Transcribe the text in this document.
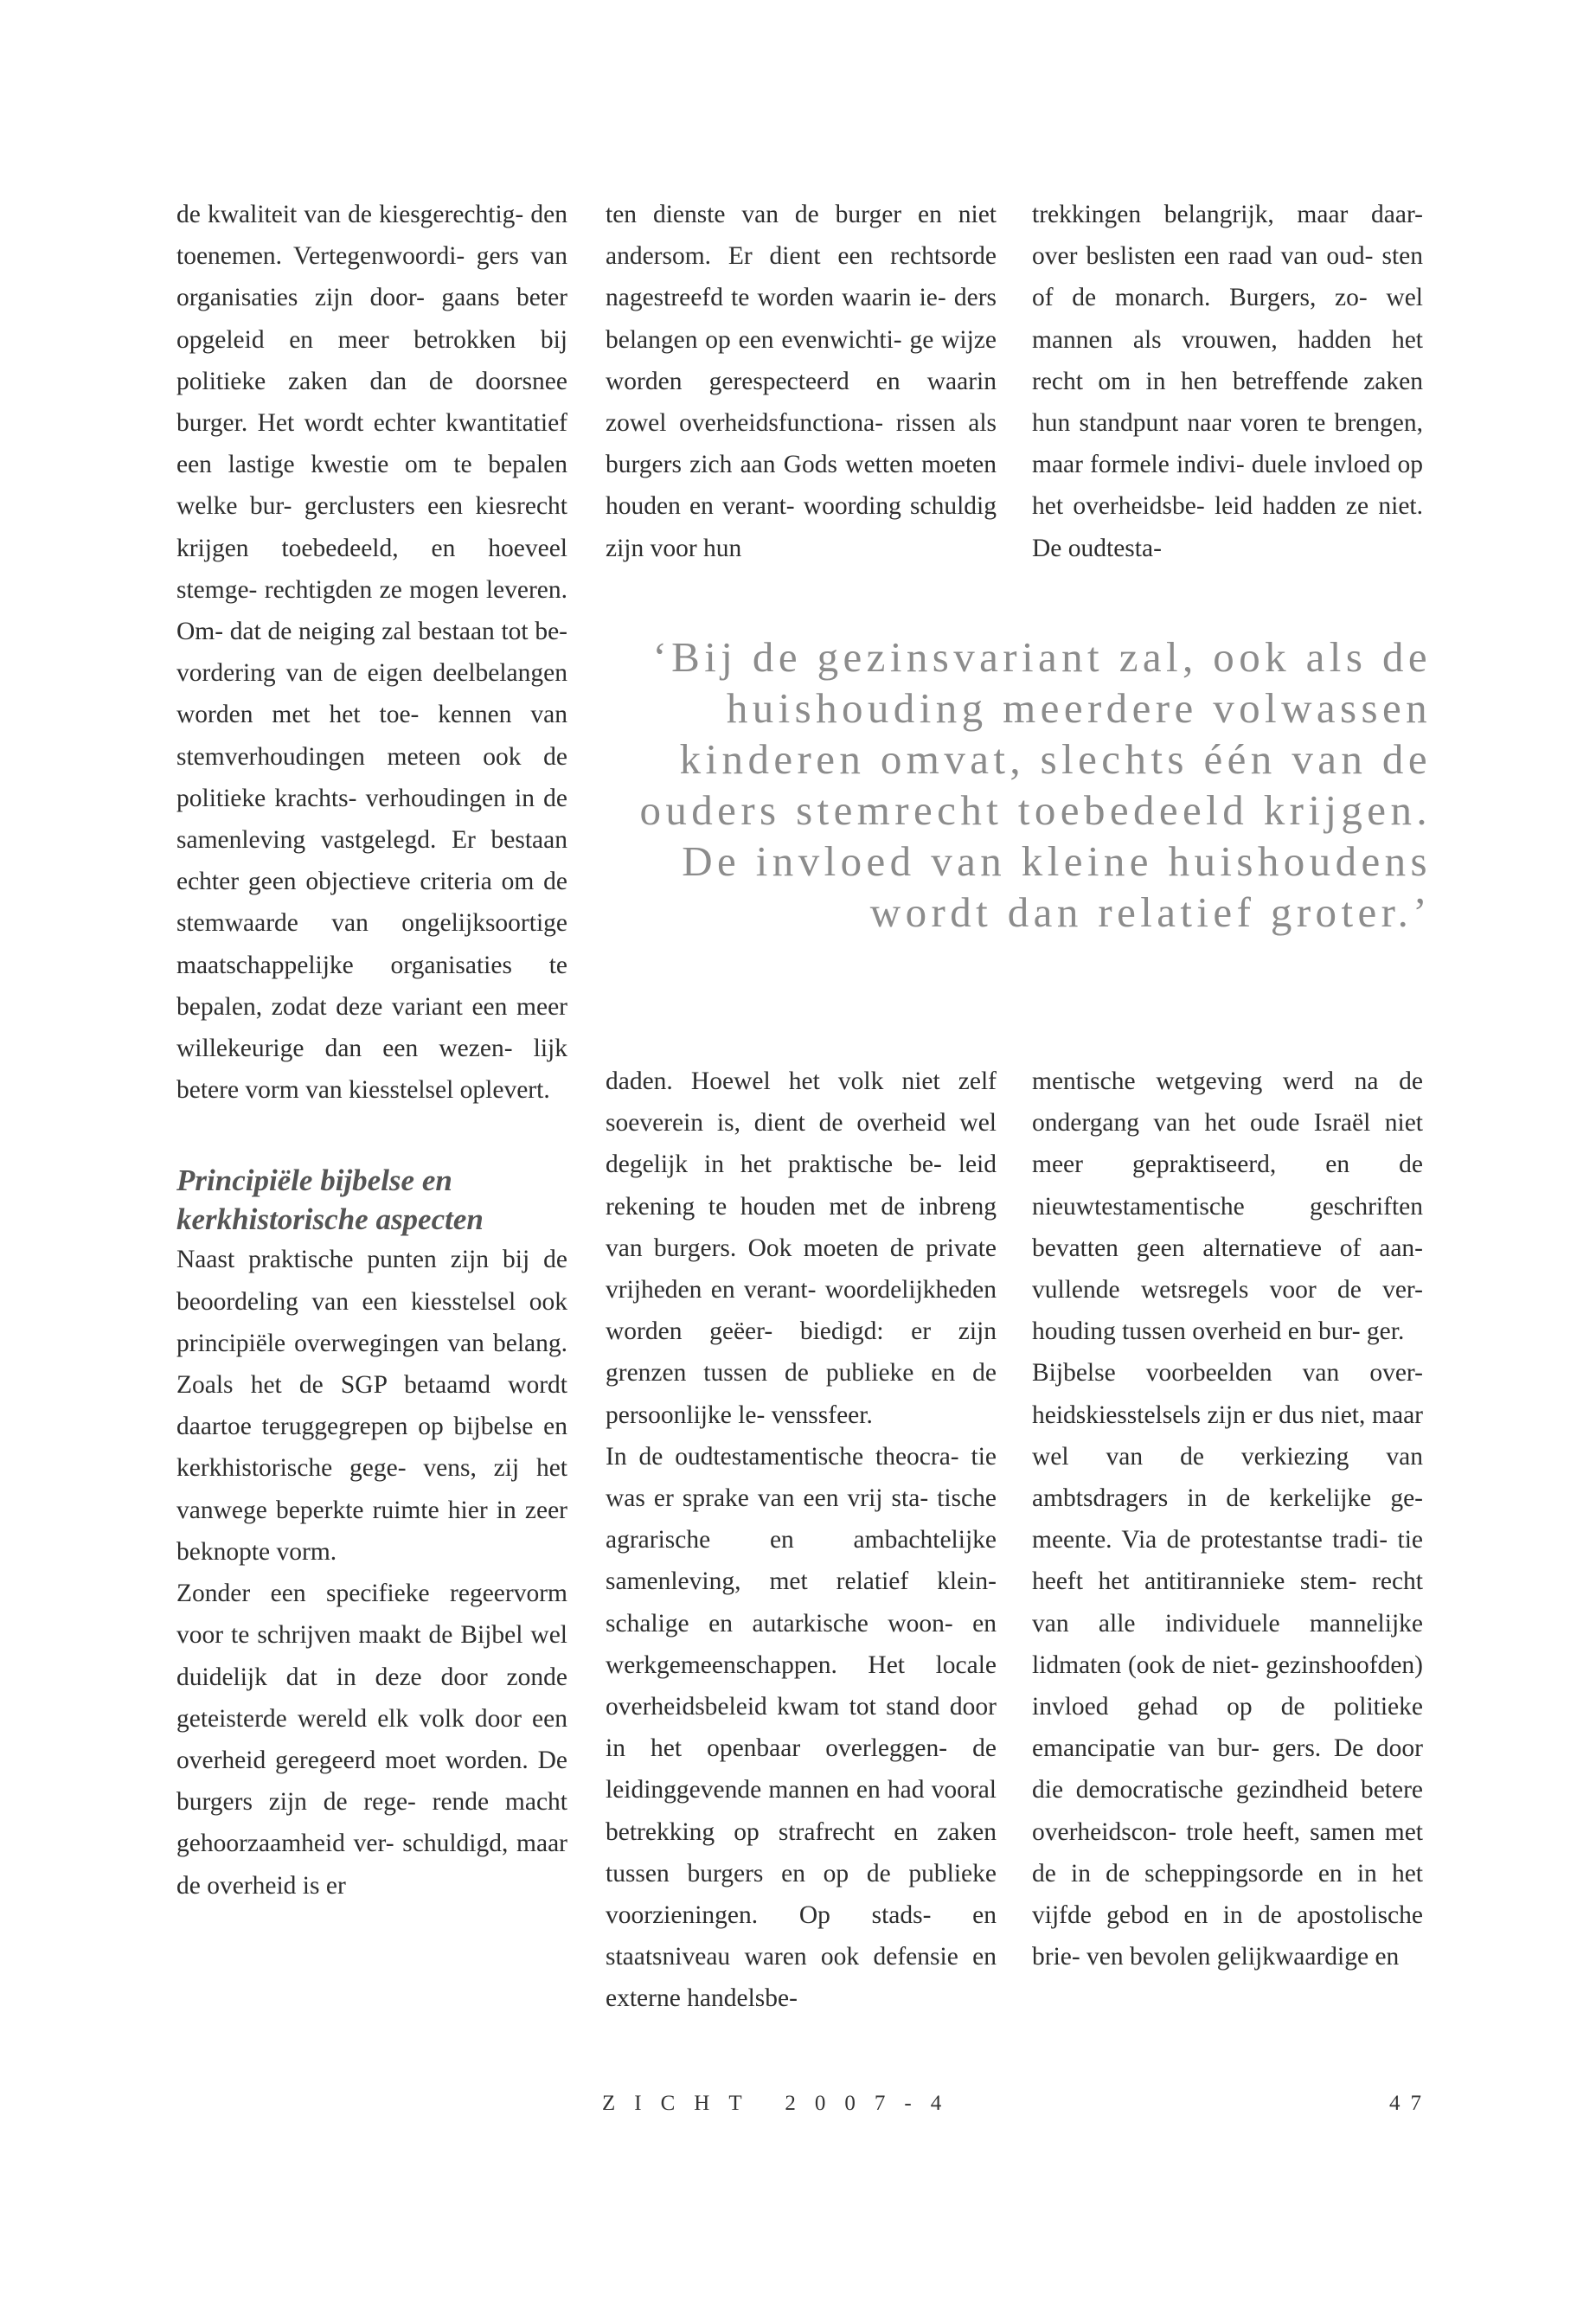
de kwaliteit van de kiesgerechtig- den toenemen. Vertegenwoordi- gers van organisaties zijn door- gaans beter opgeleid en meer betrokken bij politieke zaken dan de doorsnee burger. Het wordt echter kwantitatief een lastige kwestie om te bepalen welke bur- gerclusters een kiesrecht krijgen toebedeeld, en hoeveel stemge- rechtigden ze mogen leveren. Om- dat de neiging zal bestaan tot be- vordering van de eigen deelbelangen worden met het toe- kennen van stemverhoudingen meteen ook de politieke krachts- verhoudingen in de samenleving vastgelegd. Er bestaan echter geen objectieve criteria om de stemwaarde van ongelijksoortige maatschappelijke organisaties te bepalen, zodat deze variant een meer willekeurige dan een wezen- lijk betere vorm van kiesstelsel oplevert.

Principiële bijbelse en kerkhistorische aspecten

Naast praktische punten zijn bij de beoordeling van een kiesstelsel ook principiële overwegingen van belang. Zoals het de SGP betaamd wordt daartoe teruggegrepen op bijbelse en kerkhistorische gege- vens, zij het vanwege beperkte ruimte hier in zeer beknopte vorm.

Zonder een specifieke regeervorm voor te schrijven maakt de Bijbel wel duidelijk dat in deze door zonde geteisterde wereld elk volk door een overheid geregeerd moet worden. De burgers zijn de rege- rende macht gehoorzaamheid ver- schuldigd, maar de overheid is er

ten dienste van de burger en niet andersom. Er dient een rechtsorde nagestreefd te worden waarin ie- ders belangen op een evenwichti- ge wijze worden gerespecteerd en waarin zowel overheidsfunctiona- rissen als burgers zich aan Gods wetten moeten houden en verant- woording schuldig zijn voor hun

trekkingen belangrijk, maar daar- over beslisten een raad van oud- sten of de monarch. Burgers, zo- wel mannen als vrouwen, hadden het recht om in hen betreffende zaken hun standpunt naar voren te brengen, maar formele indivi- duele invloed op het overheidsbe- leid hadden ze niet. De oudtesta-

‘Bij de gezinsvariant zal, ook als de huishouding meerdere volwassen kinderen omvat, slechts één van de ouders stemrecht toebedeeld krijgen. De invloed van kleine huishoudens wordt dan relatief groter.’

daden. Hoewel het volk niet zelf soeverein is, dient de overheid wel degelijk in het praktische be- leid rekening te houden met de inbreng van burgers. Ook moeten de private vrijheden en verant- woordelijkheden worden geëer- biedigd: er zijn grenzen tussen de publieke en de persoonlijke le- venssfeer.

In de oudtestamentische theocra- tie was er sprake van een vrij sta- tische agrarische en ambachtelijke samenleving, met relatief klein- schalige en autarkische woon- en werkgemeenschappen. Het locale overheidsbeleid kwam tot stand door in het openbaar overleggen- de leidinggevende mannen en had vooral betrekking op strafrecht en zaken tussen burgers en op de publieke voorzieningen. Op stads- en staatsniveau waren ook defensie en externe handelsbe-

mentische wetgeving werd na de ondergang van het oude Israël niet meer gepraktiseerd, en de nieuwtestamentische geschriften bevatten geen alternatieve of aan- vullende wetsregels voor de ver- houding tussen overheid en bur- ger.

Bijbelse voorbeelden van over- heidskiesstelsels zijn er dus niet, maar wel van de verkiezing van ambtsdragers in de kerkelijke ge- meente. Via de protestantse tradi- tie heeft het antitirannieke stem- recht van alle individuele mannelijke lidmaten (ook de niet- gezinshoofden) invloed gehad op de politieke emancipatie van bur- gers. De door die democratische gezindheid betere overheidscon- trole heeft, samen met de in de scheppingsorde en in het vijfde gebod en in de apostolische brie- ven bevolen gelijkwaardige en

ZICHT 2007-4	47
